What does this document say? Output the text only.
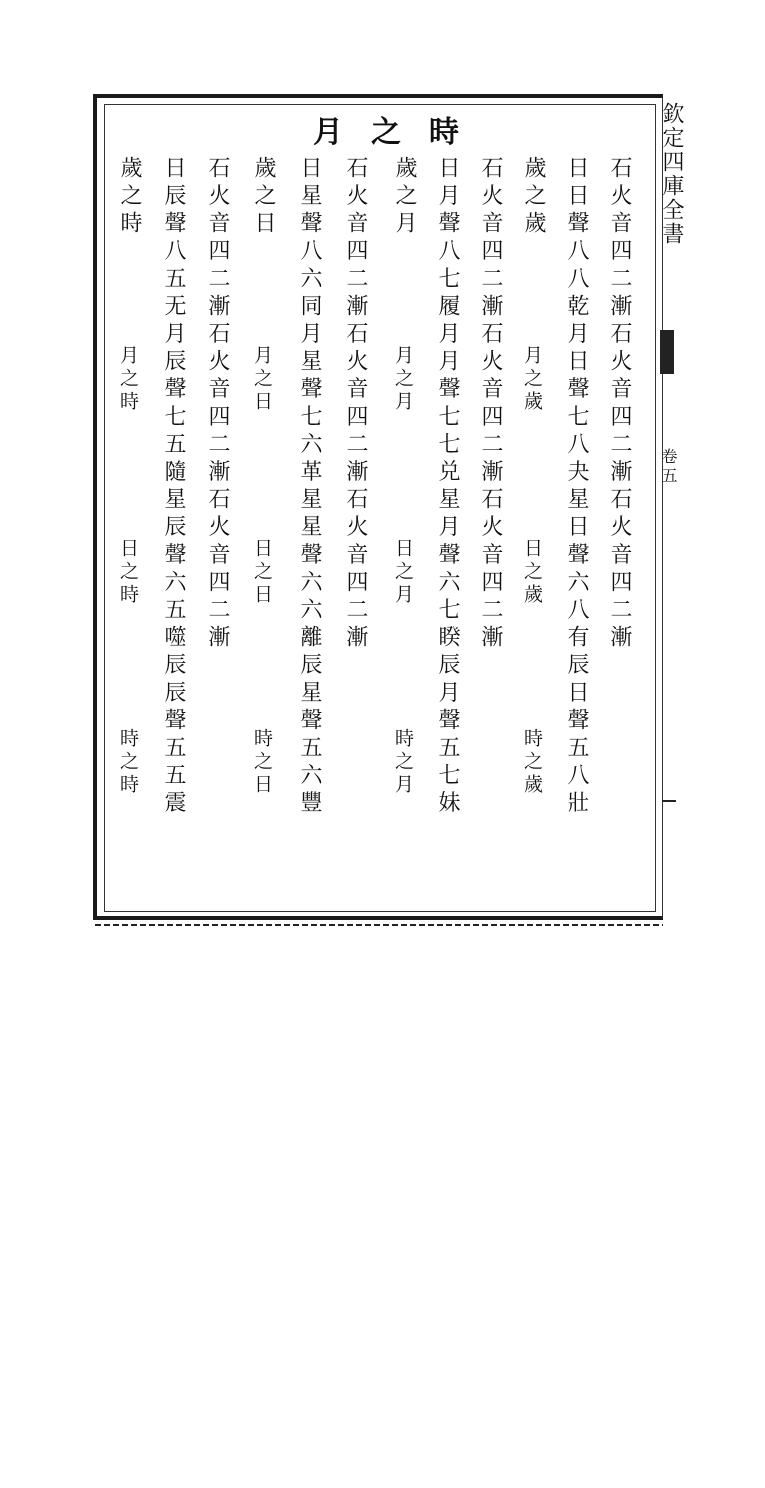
欽定四庫全書
卷五
月之時
石火音四二漸石火音四二漸石火音四二漸
日日聲八八乾月日聲七八夬星日聲六八有辰日聲五八壯
歲之歲
石火音四二漸石火音四二漸石火音四二漸
日月聲八七履月月聲七七兑星月聲六七睽辰月聲五七妹
歲之月
石火音四二漸石火音四二漸石火音四二漸
日星聲八六同月星聲七六革星星聲六六離辰星聲五六豐
歲之日
石火音四二漸石火音四二漸石火音四二漸
日辰聲八五无月辰聲七五隨星辰聲六五噬辰辰聲五五震
歲之時
月之歲
日之歲
時之歲
月之月
日之月
時之月
月之日
日之日
時之日
月之時
日之時
時之時
